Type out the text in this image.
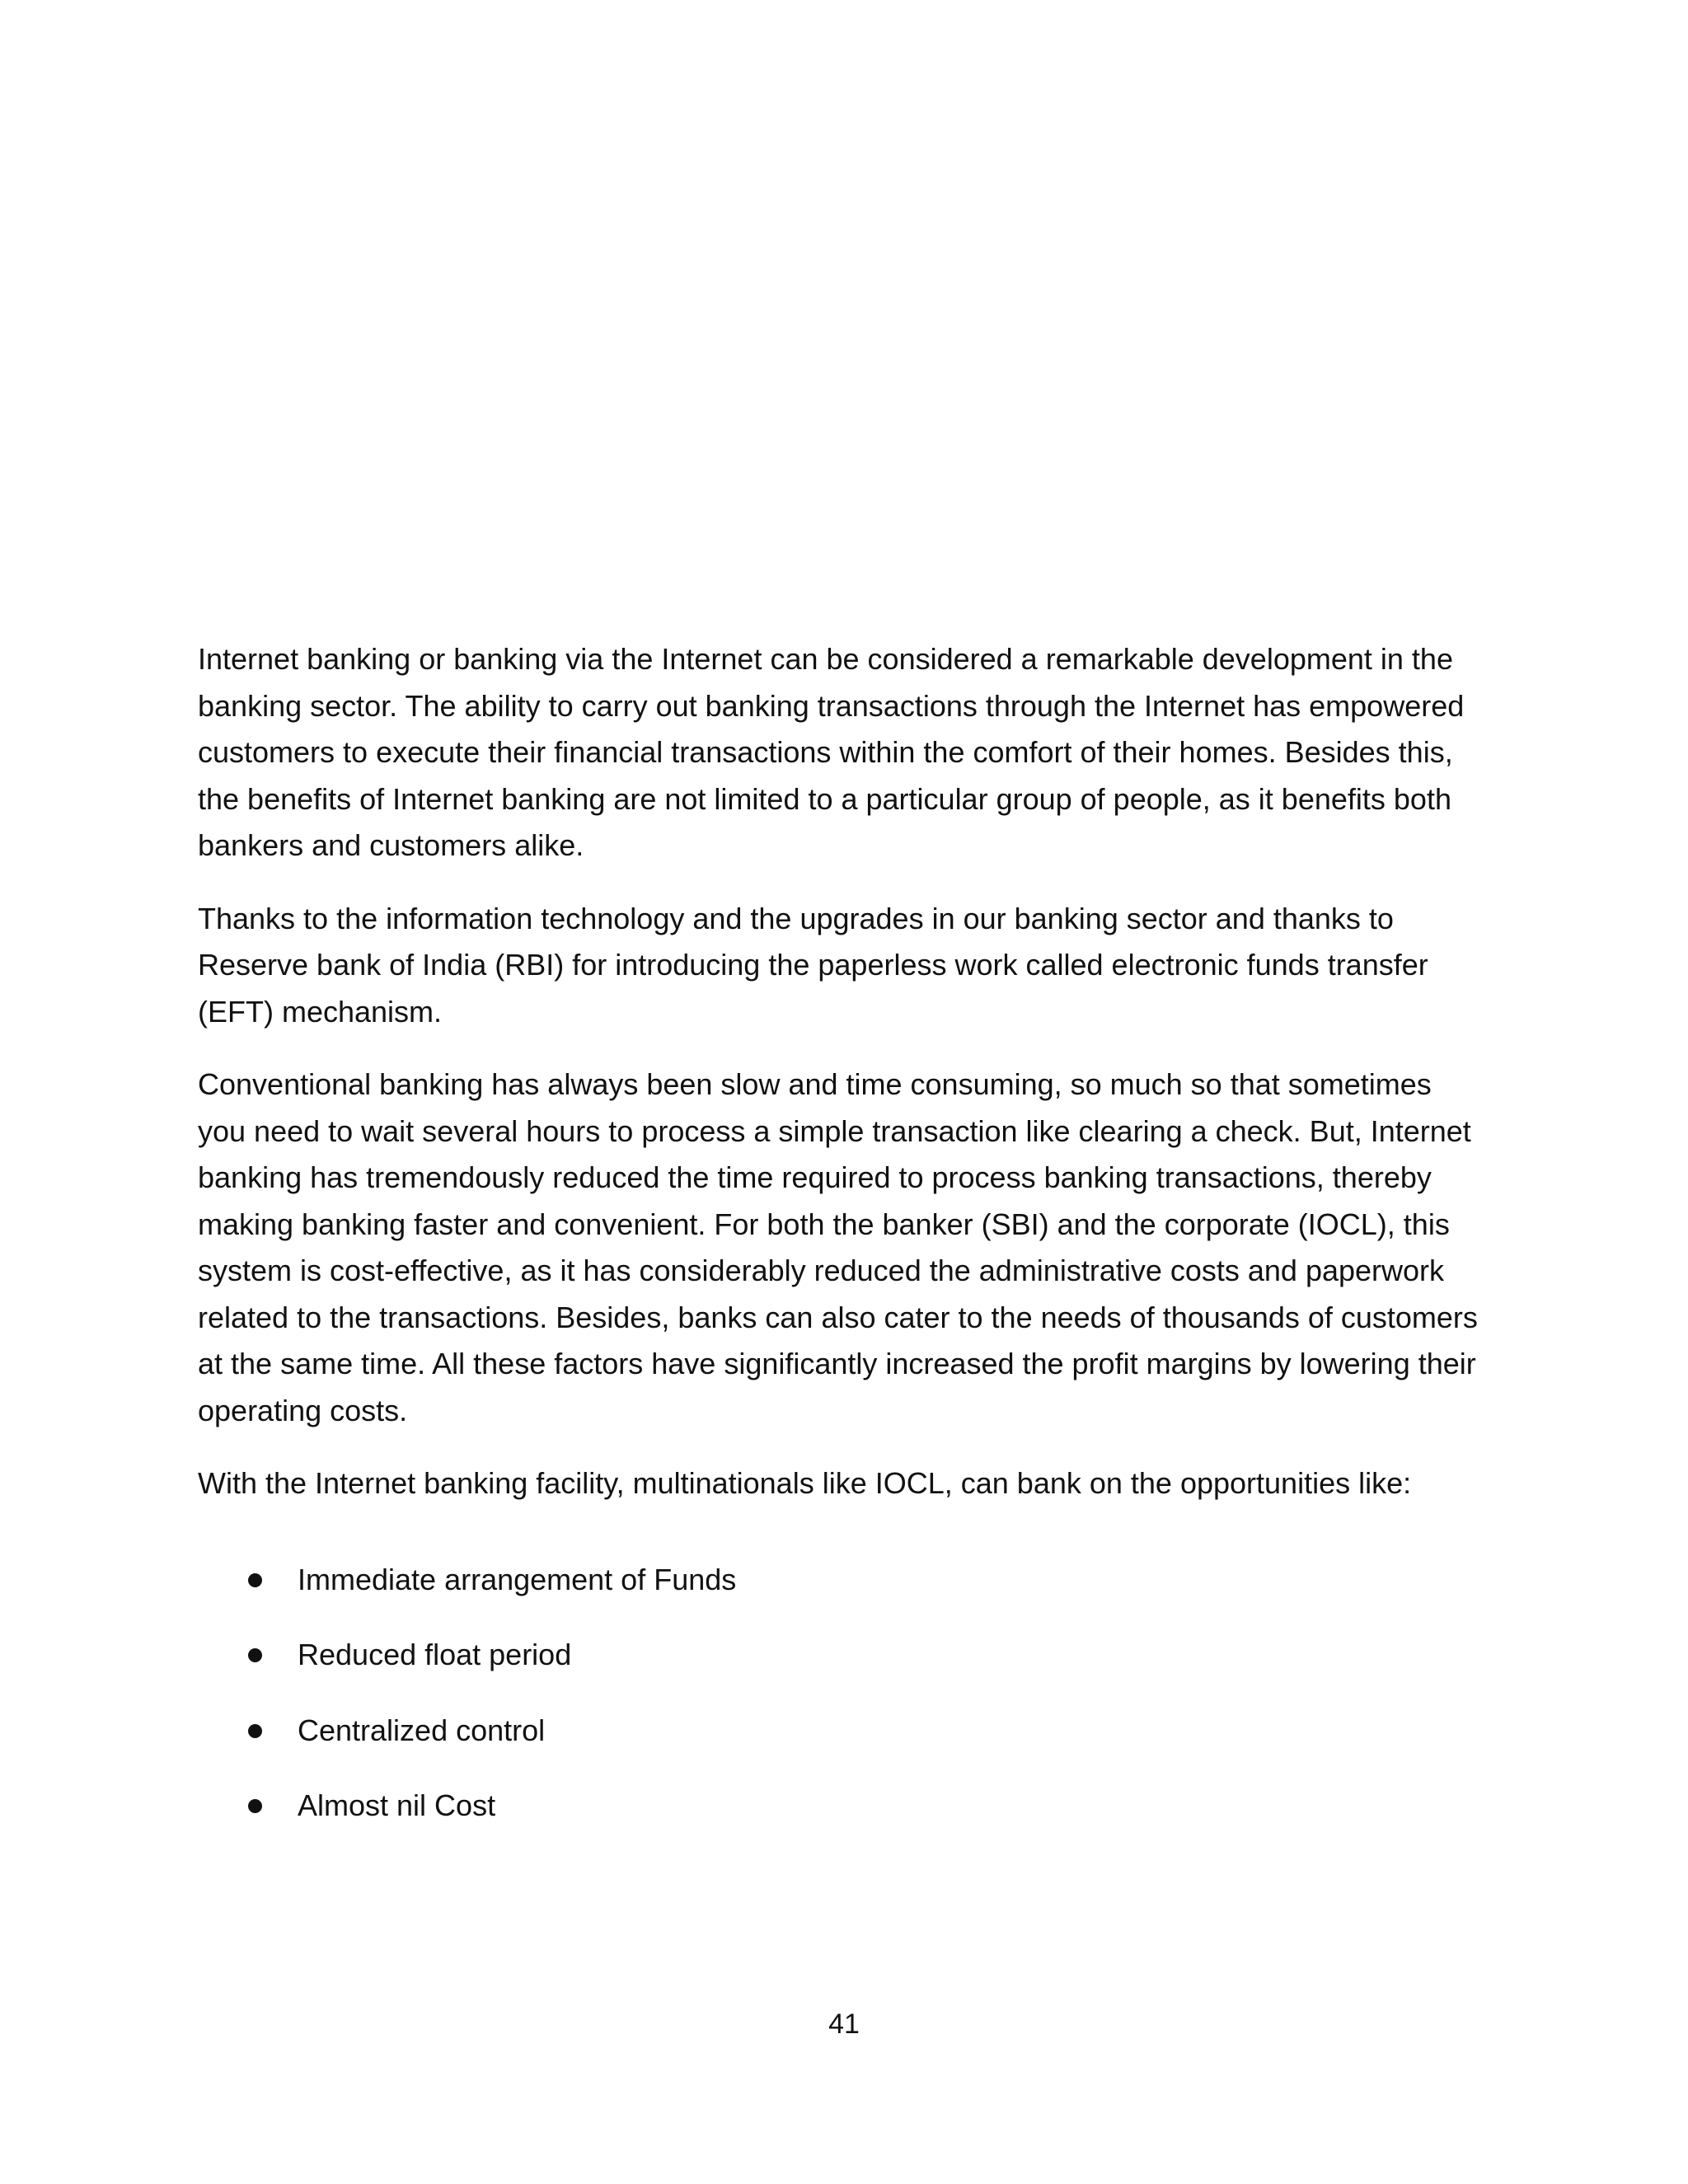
Internet banking or banking via the Internet can be considered a remarkable development in the banking sector. The ability to carry out banking transactions through the Internet has empowered customers to execute their financial transactions within the comfort of their homes. Besides this, the benefits of Internet banking are not limited to a particular group of people, as it benefits both bankers and customers alike.

Thanks to the information technology and the upgrades in our banking sector and thanks to Reserve bank of India (RBI) for introducing the paperless work called electronic funds transfer (EFT) mechanism.

Conventional banking has always been slow and time consuming, so much so that sometimes you need to wait several hours to process a simple transaction like clearing a check. But, Internet banking has tremendously reduced the time required to process banking transactions, thereby making banking faster and convenient. For both the banker (SBI) and the corporate (IOCL), this system is cost-effective, as it has considerably reduced the administrative costs and paperwork related to the transactions. Besides, banks can also cater to the needs of thousands of customers at the same time. All these factors have significantly increased the profit margins by lowering their operating costs.

With the Internet banking facility, multinationals like IOCL, can bank on the opportunities like:

Immediate arrangement of Funds
Reduced float period
Centralized control
Almost nil Cost
41
